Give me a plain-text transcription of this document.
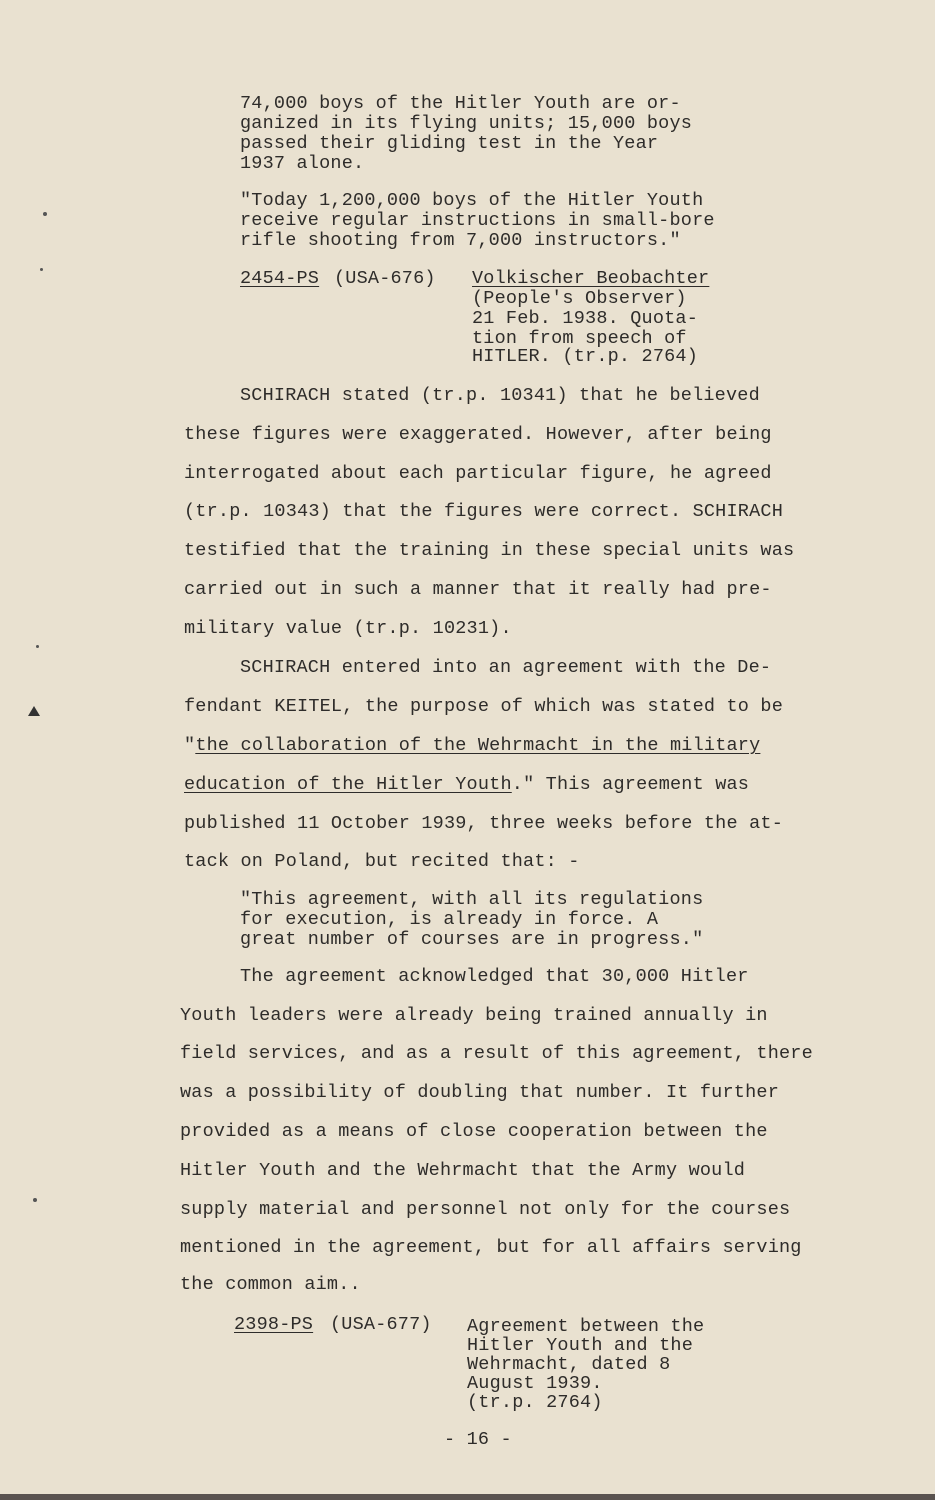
74,000 boys of the Hitler Youth are or-
ganized in its flying units; 15,000 boys
passed their gliding test in the Year
1937 alone.
"Today 1,200,000 boys of the Hitler Youth
receive regular instructions in small-bore
rifle shooting from 7,000 instructors."
2454-PS (USA-676) Volkischer Beobachter
(People's Observer)
21 Feb. 1938. Quota-
tion from speech of
HITLER. (tr.p. 2764)
SCHIRACH stated (tr.p. 10341) that he believed
these figures were exaggerated. However, after being
interrogated about each particular figure, he agreed
(tr.p. 10343) that the figures were correct. SCHIRACH
testified that the training in these special units was
carried out in such a manner that it really had pre-
military value (tr.p. 10231).
SCHIRACH entered into an agreement with the De-
fendant KEITEL, the purpose of which was stated to be
"the collaboration of the Wehrmacht in the military
education of the Hitler Youth." This agreement was
published 11 October 1939, three weeks before the at-
tack on Poland, but recited that: -
"This agreement, with all its regulations
for execution, is already in force. A
great number of courses are in progress."
The agreement acknowledged that 30,000 Hitler
Youth leaders were already being trained annually in
field services, and as a result of this agreement, there
was a possibility of doubling that number. It further
provided as a means of close cooperation between the
Hitler Youth and the Wehrmacht that the Army would
supply material and personnel not only for the courses
mentioned in the agreement, but for all affairs serving
the common aim..
2398-PS (USA-677) Agreement between the
Hitler Youth and the
Wehrmacht, dated 8
August 1939.
(tr.p. 2764)
- 16 -
